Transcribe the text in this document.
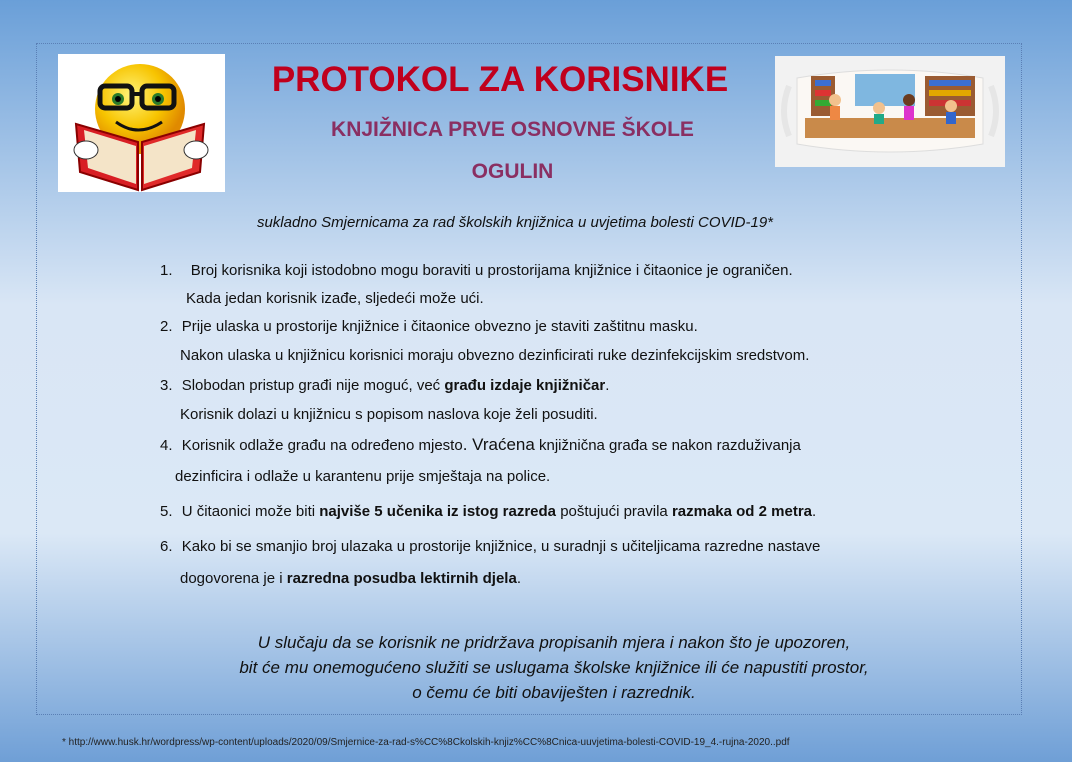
PROTOKOL ZA KORISNIKE
KNJIŽNICA PRVE OSNOVNE ŠKOLE
OGULIN
sukladno Smjernicama za rad školskih knjižnica u uvjetima bolesti COVID-19*
1. Broj korisnika koji istodobno mogu boraviti u prostorijama knjižnice i čitaonice je ograničen.
Kada jedan korisnik izađe, sljedeći može ući.
2. Prije ulaska u prostorije knjižnice i čitaonice obvezno je staviti zaštitnu masku.
Nakon ulaska u knjižnicu korisnici moraju obvezno dezinficirati ruke dezinfekcijskim sredstvom.
3. Slobodan pristup građi nije moguć, već građu izdaje knjižničar.
Korisnik dolazi u knjižnicu s popisom naslova koje želi posuditi.
4. Korisnik odlaže građu na određeno mjesto. Vraćena knjižnična građa se nakon razduživanja
dezinficira i odlaže u karantenu prije smještaja na police.
5. U čitaonici može biti najviše 5 učenika iz istog razreda poštujući pravila razmaka od 2 metra.
6. Kako bi se smanjio broj ulazaka u prostorije knjižnice, u suradnji s učiteljicama razredne nastave
dogovorena je i razredna posudba lektirnih djela.
U slučaju da se korisnik ne pridržava propisanih mjera i nakon što je upozoren,
bit će mu onemogućeno služiti se uslugama školske knjižnice ili će napustiti prostor,
o čemu će biti obaviješten i razrednik.
* http://www.husk.hr/wordpress/wp-content/uploads/2020/09/Smjernice-za-rad-s%CC%8Ckolskih-knjiz%CC%8Cnica-uuvjetima-bolesti-COVID-19_4.-rujna-2020..pdf
